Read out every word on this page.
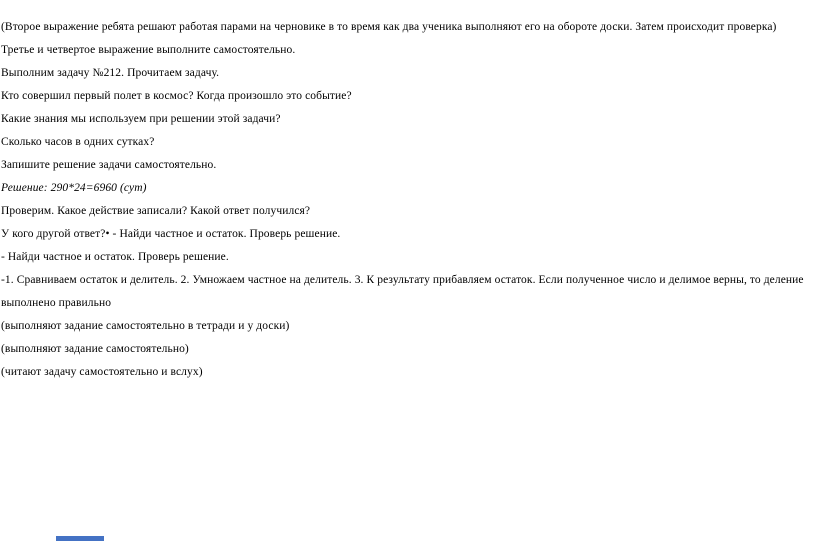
(Второе выражение ребята решают работая парами на черновике в то время как два ученика выполняют его на обороте доски. Затем происходит проверка)

Третье и четвертое выражение выполните самостоятельно.

Выполним задачу №212. Прочитаем задачу.

Кто совершил первый полет в космос? Когда произошло это событие?

Какие знания мы используем при решении этой задачи?

Сколько часов в одних сутках?

Запишите решение задачи самостоятельно.

Решение: 290*24=6960 (сут)

Проверим. Какое действие записали? Какой ответ получился?

У кого другой ответ?• - Найди частное и остаток. Проверь решение.

- Найди частное и остаток. Проверь решение.

-1. Сравниваем остаток и делитель. 2. Умножаем частное на делитель. 3. К результату прибавляем остаток. Если полученное число и делимое верны, то деление выполнено правильно

(выполняют задание самостоятельно в тетради и у доски)

(выполняют задание самостоятельно)

(читают задачу самостоятельно и вслух)
